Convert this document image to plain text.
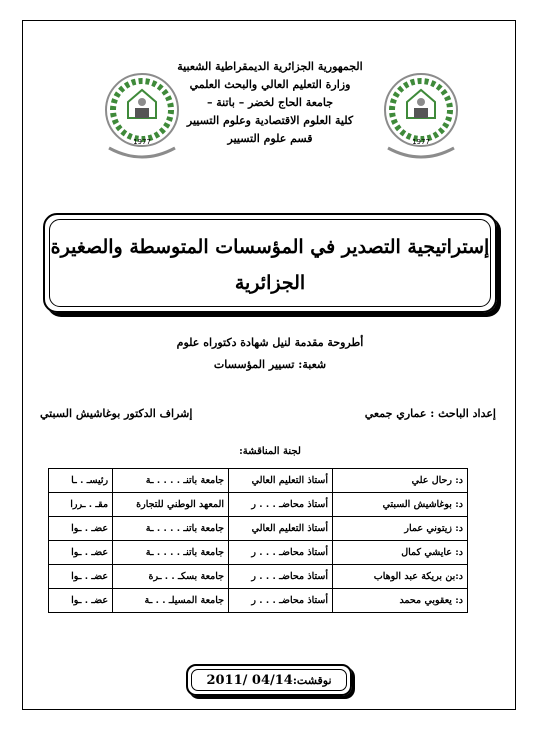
1977	1977
الجمهورية الجزائرية الديمقراطية الشعبية
وزارة التعليم العالي والبحث العلمي
جامعة الحاج لخضر – باتنة –
كلية العلوم الاقتصادية وعلوم التسيير
قسم علوم التسيير
إستراتيجية التصدير في المؤسسات المتوسطة والصغيرة
الجزائرية
أطروحة مقدمة لنيل شهادة دكتوراه علوم
شعبة: تسيير المؤسسات
إعداد الباحث : عماري جمعي
إشراف الدكتور بوغاشيش السبتي
لجنة المناقشة:
د: رحال علي	أستاذ التعليم العالي	جامعة باتنـ . . . . ـة	رئيسـ . ـا
د: بوغاشيش السبتي	أستاذ محاضـ . . . ر	المعهد الوطني للتجارة	مقـ . ـررا
د: زيتوني عمار	أستاذ التعليم العالي	جامعة باتنـ . . . . ـة	عضـ . ـوا
د: عايشي كمال	أستاذ محاضـ . . . ر	جامعة باتنـ . . . . ـة	عضـ . ـوا
د:بن بريكة عبد الوهاب	أستاذ محاضـ . . . ر	جامعة بسكـ . . ـرة	عضـ . ـوا
د: يعقوبي محمد	أستاذ محاضـ . . . ر	جامعة المسيلـ . . ـة	عضـ . ـوا
نوقشت:2011/ 04/14
